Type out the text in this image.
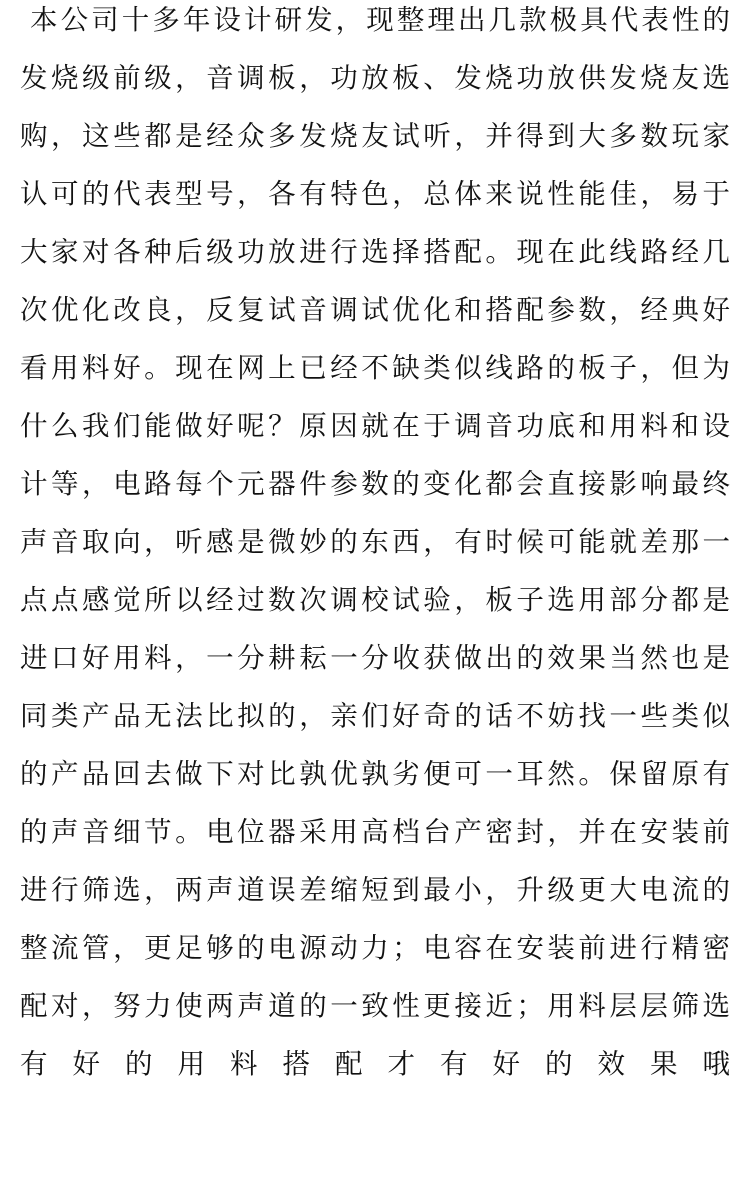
本公司十多年设计研发，现整理出几款极具代表性的
发烧级前级，音调板，功放板、发烧功放供发烧友选
购，这些都是经众多发烧友试听，并得到大多数玩家
认可的代表型号，各有特色，总体来说性能佳，易于
大家对各种后级功放进行选择搭配。现在此线路经几
次优化改良，反复试音调试优化和搭配参数，经典好
看用料好。现在网上已经不缺类似线路的板子，但为
什么我们能做好呢？原因就在于调音功底和用料和设
计等，电路每个元器件参数的变化都会直接影响最终
声音取向，听感是微妙的东西，有时候可能就差那一
点点感觉所以经过数次调校试验，板子选用部分都是
进口好用料，一分耕耘一分收获做出的效果当然也是
同类产品无法比拟的，亲们好奇的话不妨找一些类似
的产品回去做下对比孰优孰劣便可一耳然。保留原有
的声音细节。电位器采用高档台产密封，并在安装前
进行筛选，两声道误差缩短到最小，升级更大电流的
整流管，更足够的电源动力；电容在安装前进行精密
配对，努力使两声道的一致性更接近；用料层层筛选
有好的用料搭配才有好的效果哦
